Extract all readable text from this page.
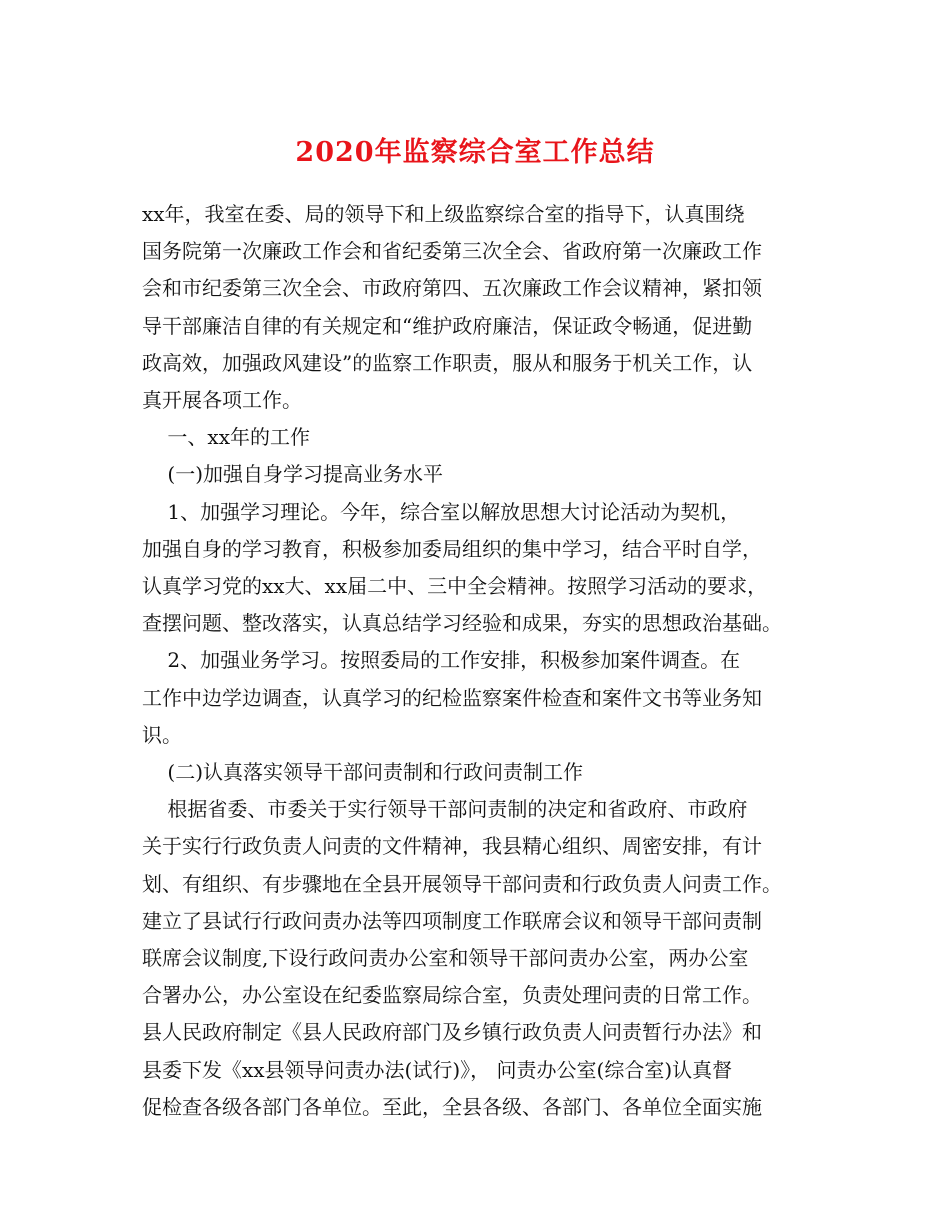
2020年监察综合室工作总结

xx年，我室在委、局的领导下和上级监察综合室的指导下，认真围绕

国务院第一次廉政工作会和省纪委第三次全会、省政府第一次廉政工作

会和市纪委第三次全会、市政府第四、五次廉政工作会议精神，紧扣领

导干部廉洁自律的有关规定和“维护政府廉洁，保证政令畅通，促进勤

政高效，加强政风建设”的监察工作职责，服从和服务于机关工作，认

真开展各项工作。

一、xx年的工作

(一)加强自身学习提高业务水平

1、加强学习理论。今年，综合室以解放思想大讨论活动为契机，

加强自身的学习教育，积极参加委局组织的集中学习，结合平时自学，

认真学习党的xx大、xx届二中、三中全会精神。按照学习活动的要求，

查摆问题、整改落实，认真总结学习经验和成果，夯实的思想政治基础。

2、加强业务学习。按照委局的工作安排，积极参加案件调查。在

工作中边学边调查，认真学习的纪检监察案件检查和案件文书等业务知

识。

(二)认真落实领导干部问责制和行政问责制工作

根据省委、市委关于实行领导干部问责制的决定和省政府、市政府

关于实行行政负责人问责的文件精神，我县精心组织、周密安排，有计

划、有组织、有步骤地在全县开展领导干部问责和行政负责人问责工作。

建立了县试行行政问责办法等四项制度工作联席会议和领导干部问责制

联席会议制度,下设行政问责办公室和领导干部问责办公室，两办公室

合署办公，办公室设在纪委监察局综合室，负责处理问责的日常工作。

县人民政府制定《县人民政府部门及乡镇行政负责人问责暂行办法》和

县委下发《xx县领导问责办法(试行)》， 问责办公室(综合室)认真督

促检查各级各部门各单位。至此，全县各级、各部门、各单位全面实施
